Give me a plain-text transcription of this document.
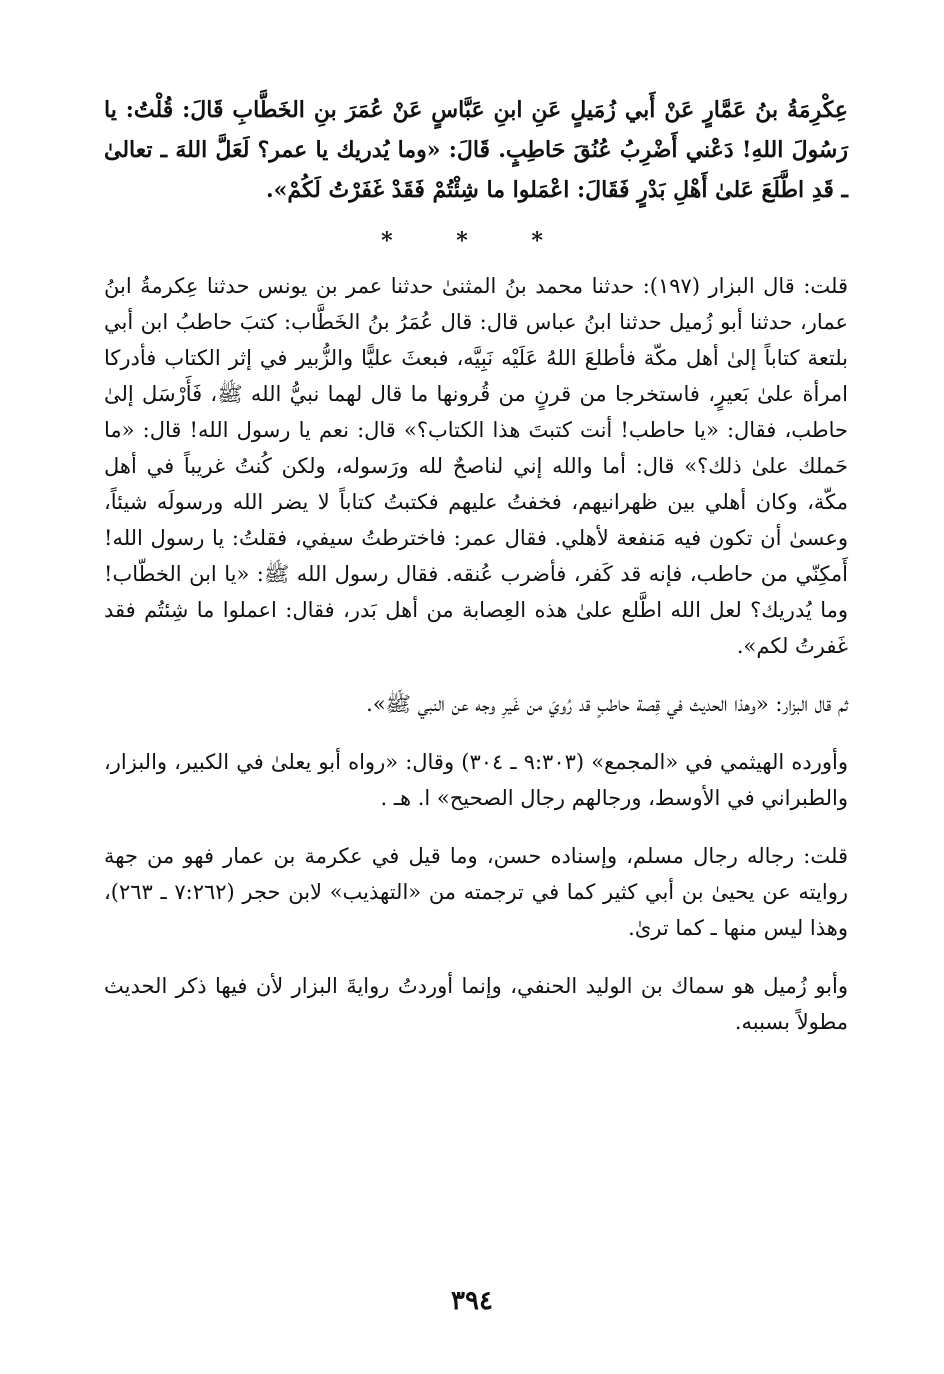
عِكْرِمَةُ بنُ عَمَّارٍ عَنْ أَبي زُمَيلٍ عَنِ ابنِ عَبَّاسٍ عَنْ عُمَرَ بنِ الخَطَّابِ قَالَ: قُلْتُ: يا رَسُولَ اللهِ! دَعْني أَضْرِبُ عُنُقَ حَاطِبٍ. قَالَ: «وما يُدريك يا عمر؟ لَعَلَّ اللهَ ـ تعالىٰ ـ قَدِ اطَّلَعَ عَلىٰ أَهْلِ بَدْرٍ فَقَالَ: اعْمَلوا ما شِئْتُمْ فَقَدْ غَفَرْتُ لَكُمْ».

* * *

قلت: قال البزار (١٩٧): حدثنا محمد بنُ المثنىٰ حدثنا عمر بن يونس حدثنا عِكرمةُ ابنُ عمار، حدثنا أبو زُميل حدثنا ابنُ عباس قال: قال عُمَرُ بنُ الخَطَّاب: كتبَ حاطبُ ابن أبي بلتعة كتاباً إلىٰ أهل مكّة فأطلعَ اللهُ عَلَيْه نَبِيَّه، فبعثَ عليًّا والزُّبير في إثر الكتاب فأدركا امرأة علىٰ بَعيرٍ، فاستخرجا من قرنٍ من قُرونها ما قال لهما نبيُّ الله ﷺ، فَأَرْسَل إلىٰ حاطب، فقال: «يا حاطب! أنت كتبتَ هذا الكتاب؟» قال: نعم يا رسول الله! قال: «ما حَملك علىٰ ذلك؟» قال: أما والله إني لناصحٌ لله ورَسوله، ولكن كُنتُ غريباً في أهل مكّة، وكان أهلي بين ظهرانيهم، فخفتُ عليهم فكتبتُ كتاباً لا يضر الله ورسولَه شيئاً، وعسىٰ أن تكون فيه مَنفعة لأهلي. فقال عمر: فاخترطتُ سيفي، فقلتُ: يا رسول الله! أَمكِنّي من حاطب، فإنه قد كَفر، فأضرب عُنقه. فقال رسول الله ﷺ: «يا ابن الخطّاب! وما يُدريك؟ لعل الله اطَّلع علىٰ هذه العِصابة من أهل بَدر، فقال: اعملوا ما شِئتُم فقد غَفرتُ لكم».

ثم قال البزار: «وهذا الحديث في قِصة حاطبٍ قد رُويَ من غَيرِ وجه عن النبي ﷺ».

وأورده الهيثمي في «المجمع» (٩:٣٠٣ ـ ٣٠٤) وقال: «رواه أبو يعلىٰ في الكبير، والبزار، والطبراني في الأوسط، ورجالهم رجال الصحيح» ا. هـ .

قلت: رجاله رجال مسلم، وإسناده حسن، وما قيل في عكرمة بن عمار فهو من جهة روايته عن يحيىٰ بن أبي كثير كما في ترجمته من «التهذيب» لابن حجر (٧:٢٦٢ ـ ٢٦٣)، وهذا ليس منها ـ كما ترىٰ.

وأبو زُميل هو سماك بن الوليد الحنفي، وإنما أوردتُ روايةَ البزار لأن فيها ذكر الحديث مطولاً بسببه.

٣٩٤
